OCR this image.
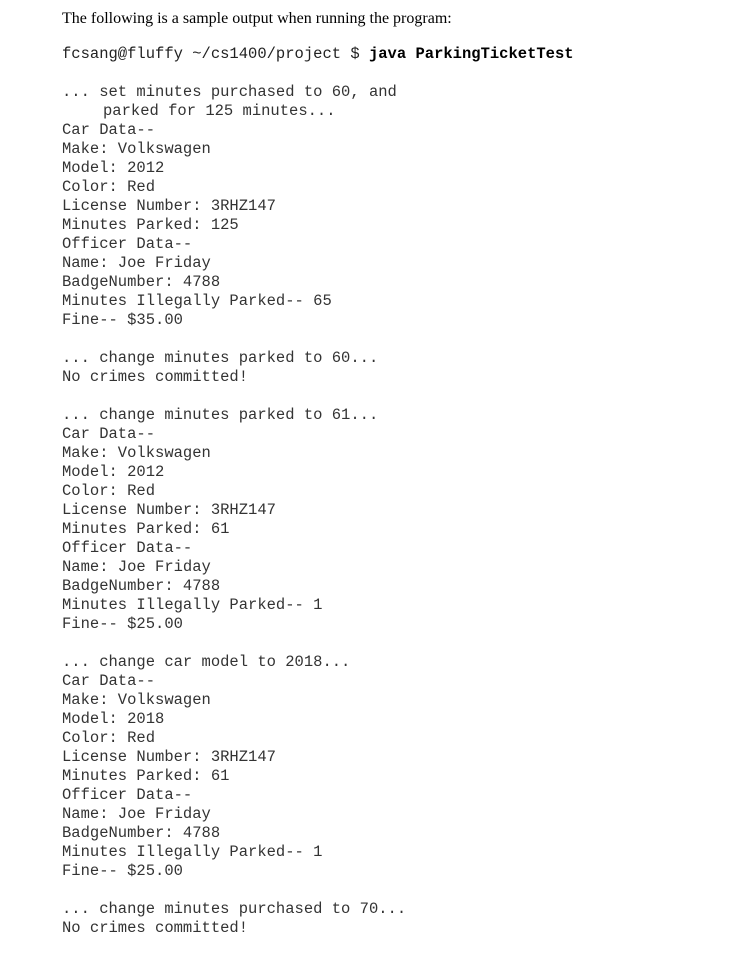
The following is a sample output when running the program:

fcsang@fluffy ~/cs1400/project $ java ParkingTicketTest
... set minutes purchased to 60, and
parked for 125 minutes...
Car Data--
Make: Volkswagen
Model: 2012
Color: Red
License Number: 3RHZ147
Minutes Parked: 125
Officer Data--
Name: Joe Friday
BadgeNumber: 4788
Minutes Illegally Parked-- 65
Fine-- $35.00
... change minutes parked to 60...
No crimes committed!
... change minutes parked to 61...
Car Data--
Make: Volkswagen
Model: 2012
Color: Red
License Number: 3RHZ147
Minutes Parked: 61
Officer Data--
Name: Joe Friday
BadgeNumber: 4788
Minutes Illegally Parked-- 1
Fine-- $25.00
... change car model to 2018...
Car Data--
Make: Volkswagen
Model: 2018
Color: Red
License Number: 3RHZ147
Minutes Parked: 61
Officer Data--
Name: Joe Friday
BadgeNumber: 4788
Minutes Illegally Parked-- 1
Fine-- $25.00
... change minutes purchased to 70...
No crimes committed!
